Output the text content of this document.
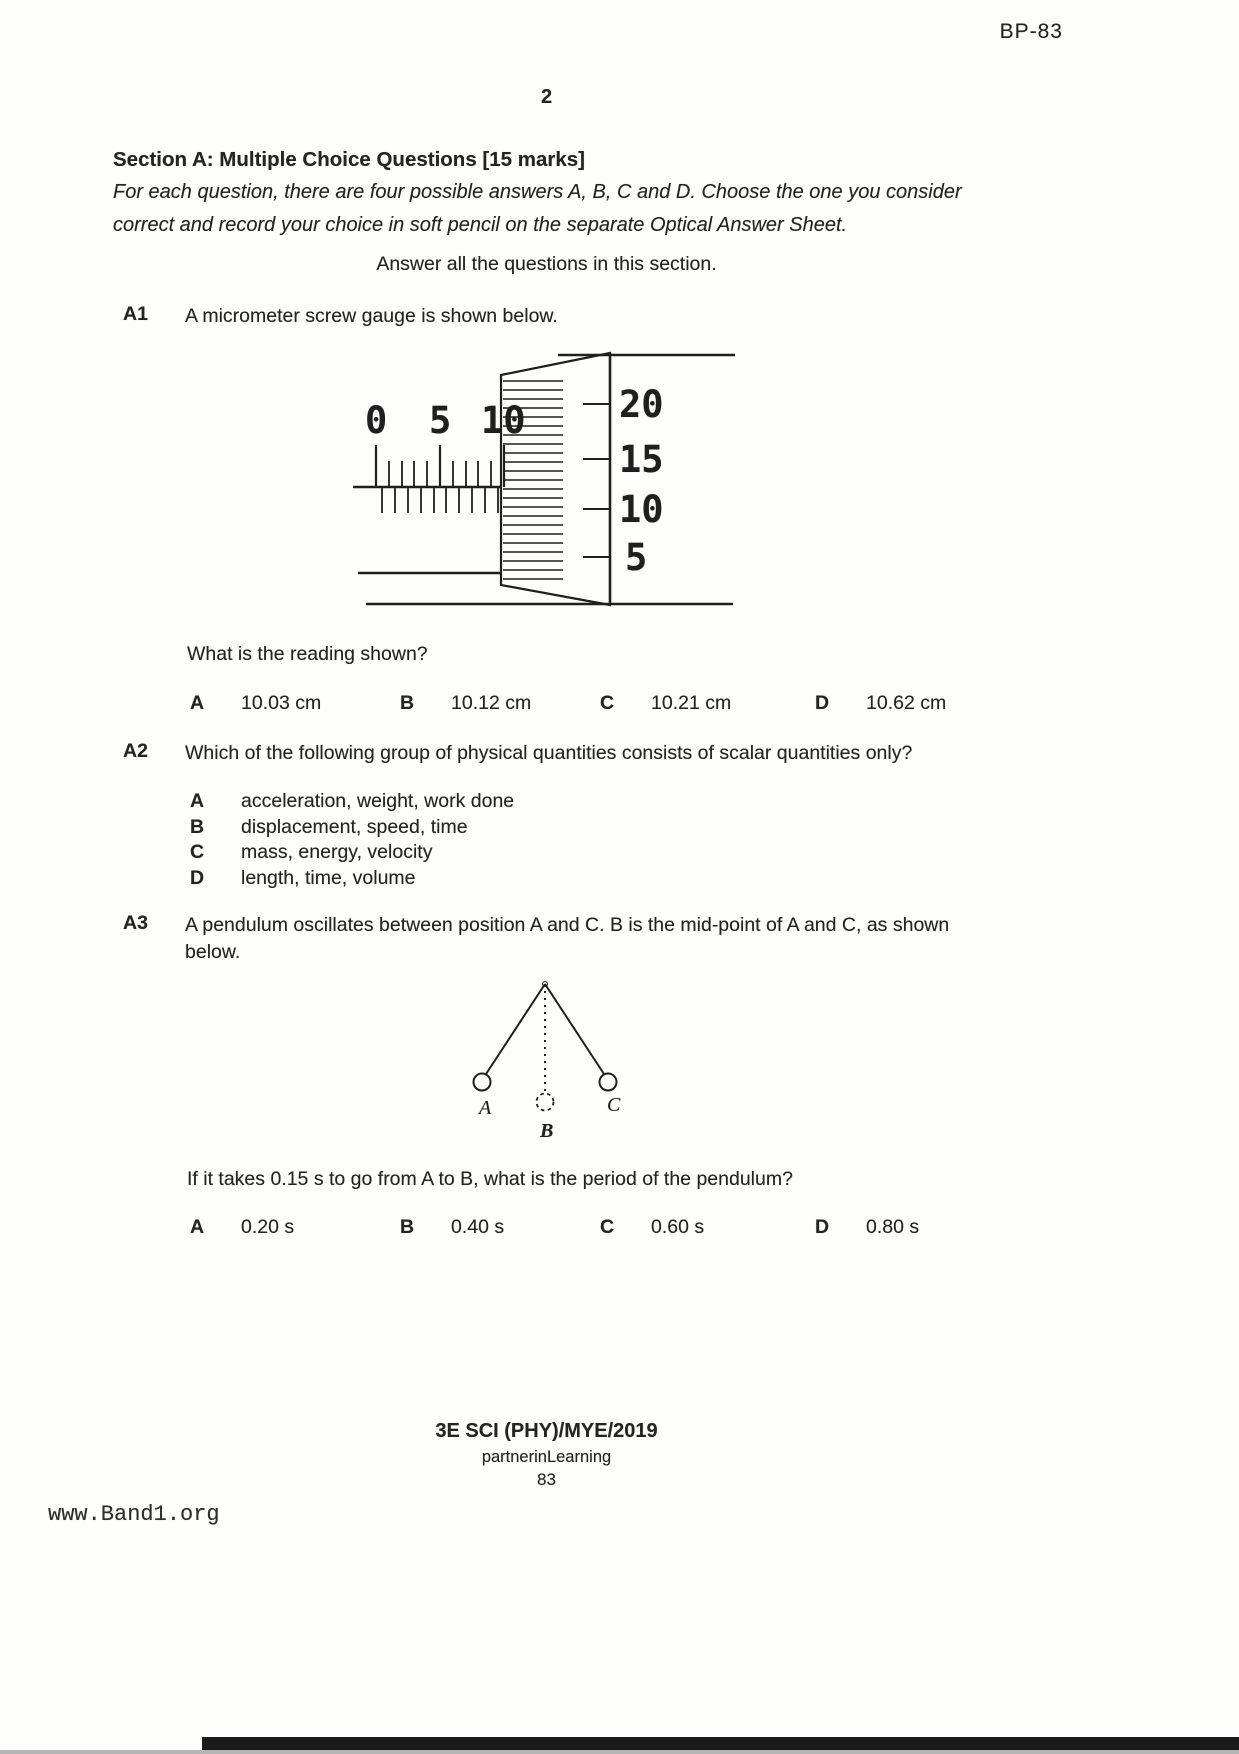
BP-83
2
Section A: Multiple Choice Questions [15 marks]
For each question, there are four possible answers A, B, C and D. Choose the one you consider correct and record your choice in soft pencil on the separate Optical Answer Sheet.
Answer all the questions in this section.
A1 A micrometer screw gauge is shown below.
0 5 10	20
15
10
5
What is the reading shown?
A	10.03 cm	B	10.12 cm	C	10.21 cm	D	10.62 cm
A2 Which of the following group of physical quantities consists of scalar quantities only?
A	acceleration, weight, work done
B	displacement, speed, time
C	mass, energy, velocity
D	length, time, volume
A3 A pendulum oscillates between position A and C. B is the mid-point of A and C, as shown below.
A	C
B
If it takes 0.15 s to go from A to B, what is the period of the pendulum?
A	0.20 s	B	0.40 s	C	0.60 s	D	0.80 s
3E SCI (PHY)/MYE/2019
partnerinLearning
83
www.Band1.org
